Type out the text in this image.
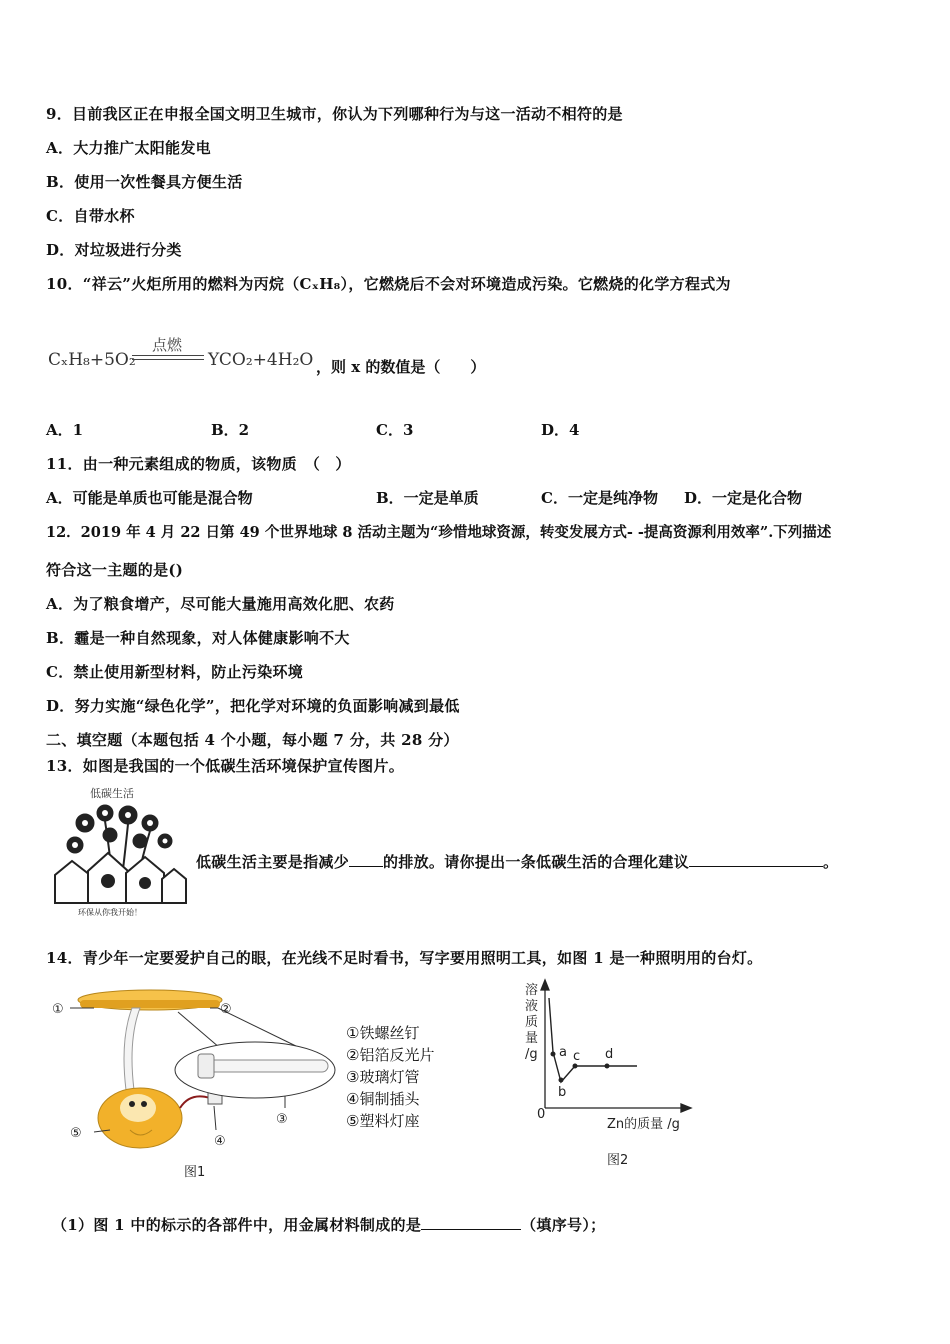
9．目前我区正在申报全国文明卫生城市，你认为下列哪种行为与这一活动不相符的是
A．大力推广太阳能发电
B．使用一次性餐具方便生活
C．自带水杯
D．对垃圾进行分类
10．“祥云”火炬所用的燃料为丙烷（CₓH₈），它燃烧后不会对环境造成污染。它燃烧的化学方程式为
CₓH₈+5O₂
点燃
YCO₂+4H₂O ，则 x 的数值是（　　）
A．1	B．2	C．3	D．4
11．由一种元素组成的物质，该物质　（　）
A．可能是单质也可能是混合物	B．一定是单质	C．一定是纯净物 D．一定是化合物
12．2019 年 4 月 22 日第 49 个世界地球 8 活动主题为“珍惜地球资源，转变发展方式- -提高资源利用效率”.下列描述
符合这一主题的是()
A．为了粮食增产，尽可能大量施用高效化肥、农药
B．霾是一种自然现象，对人体健康影响不大
C．禁止使用新型材料，防止污染环境
D．努力实施“绿色化学”，把化学对环境的负面影响减到最低
二、填空题（本题包括 4 个小题，每小题 7 分，共 28 分）
13．如图是我国的一个低碳生活环境保护宣传图片。
低碳生活
环保从你我开始！
低碳生活主要是指减少 的排放。请你提出一条低碳生活的合理化建议	。
14．青少年一定要爱护自己的眼，在光线不足时看书，写字要用照明工具，如图 1 是一种照明用的台灯。
①	②
③
④
⑤
图1
①铁螺丝钉
②铝箔反光片
③玻璃灯管
④铜制插头
⑤塑料灯座
溶
液
质
量
/g
0
Zn的质量 /g
图2
a
b
c d
（1）图 1 中的标示的各部件中，用金属材料制成的是	（填序号）；
